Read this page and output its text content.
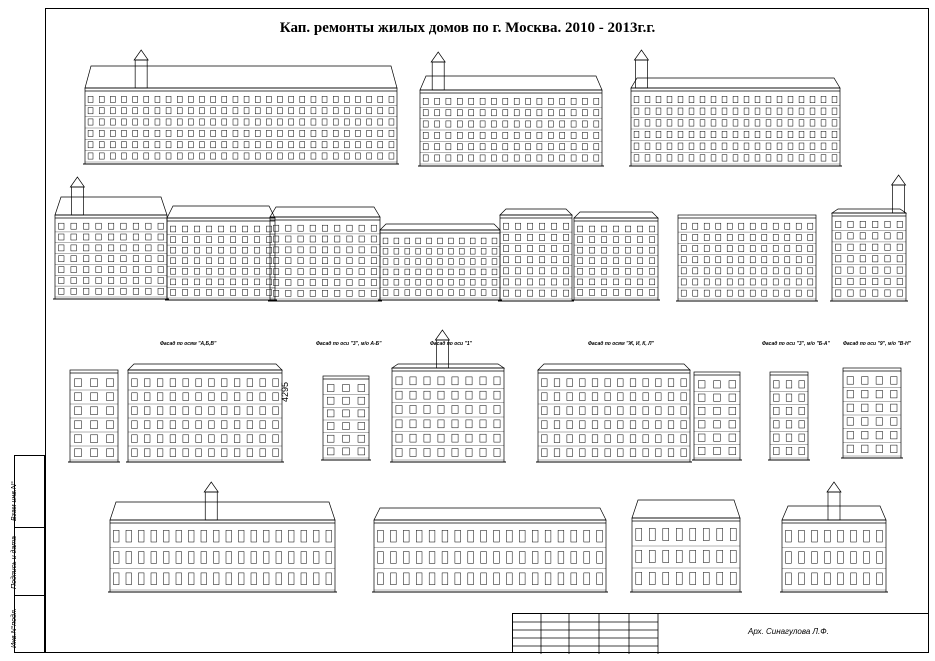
Кап. ремонты жилых домов по г. Москва. 2010 - 2013г.г.
Фасад по осям "А,Б,В"	Фасад по оси "3", м/о А-Б"	Фасад по оси "1"	Фасад по осям "Ж, И, К, Л"	Фасад по оси "3", м/о "Б-А"	Фасад по оси "9", м/о "В-Н"
4295
Взам инв.N°
Подпись и дата
Инв.N°подл.	Арх. Синагулова Л.Ф.
